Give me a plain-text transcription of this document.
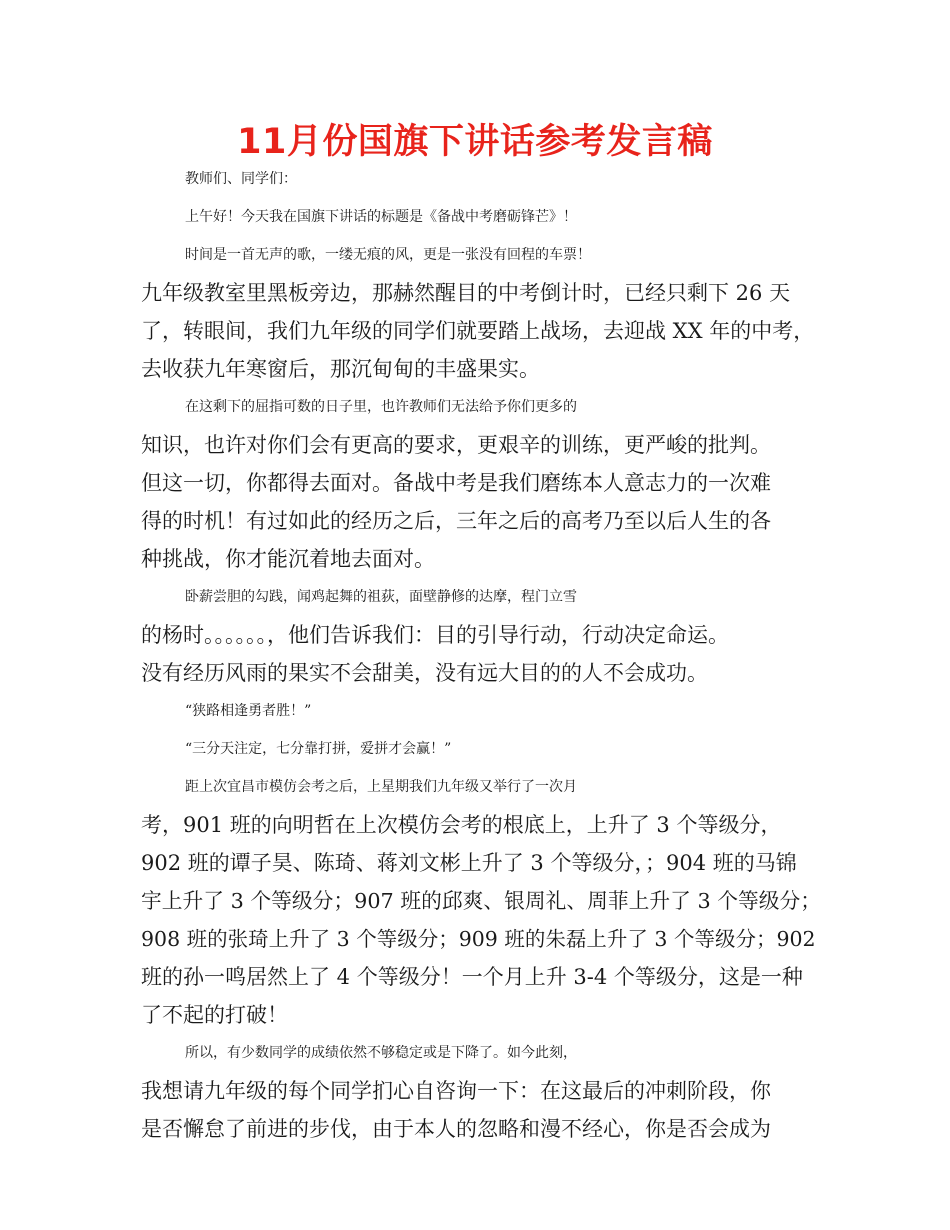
11月份国旗下讲话参考发言稿
教师们、同学们：
上午好！今天我在国旗下讲话的标题是《备战中考磨砺锋芒》！
时间是一首无声的歌，一缕无痕的风，更是一张没有回程的车票！
九年级教室里黑板旁边，那赫然醒目的中考倒计时，已经只剩下 26 天
了，转眼间，我们九年级的同学们就要踏上战场，去迎战 XX 年的中考，
去收获九年寒窗后，那沉甸甸的丰盛果实。
在这剩下的屈指可数的日子里，也许教师们无法给予你们更多的
知识，也许对你们会有更高的要求，更艰辛的训练，更严峻的批判。
但这一切，你都得去面对。备战中考是我们磨练本人意志力的一次难
得的时机！有过如此的经历之后，三年之后的高考乃至以后人生的各
种挑战，你才能沉着地去面对。
卧薪尝胆的勾践，闻鸡起舞的祖荻，面壁静修的达摩，程门立雪
的杨时。。。。。。，他们告诉我们：目的引导行动，行动决定命运。
没有经历风雨的果实不会甜美，没有远大目的的人不会成功。
“狭路相逢勇者胜！”
“三分天注定，七分靠打拼，爱拼才会赢！”
距上次宜昌市模仿会考之后，上星期我们九年级又举行了一次月
考，901 班的向明哲在上次模仿会考的根底上，上升了 3 个等级分，
902 班的谭子昊、陈琦、蒋刘文彬上升了 3 个等级分，；904 班的马锦
宇上升了 3 个等级分；907 班的邱爽、银周礼、周菲上升了 3 个等级分；
908 班的张琦上升了 3 个等级分；909 班的朱磊上升了 3 个等级分；902
班的孙一鸣居然上了 4 个等级分！一个月上升 3-4 个等级分，这是一种
了不起的打破！
所以，有少数同学的成绩依然不够稳定或是下降了。如今此刻，
我想请九年级的每个同学扪心自咨询一下：在这最后的冲刺阶段，你
是否懈怠了前进的步伐，由于本人的忽略和漫不经心，你是否会成为
